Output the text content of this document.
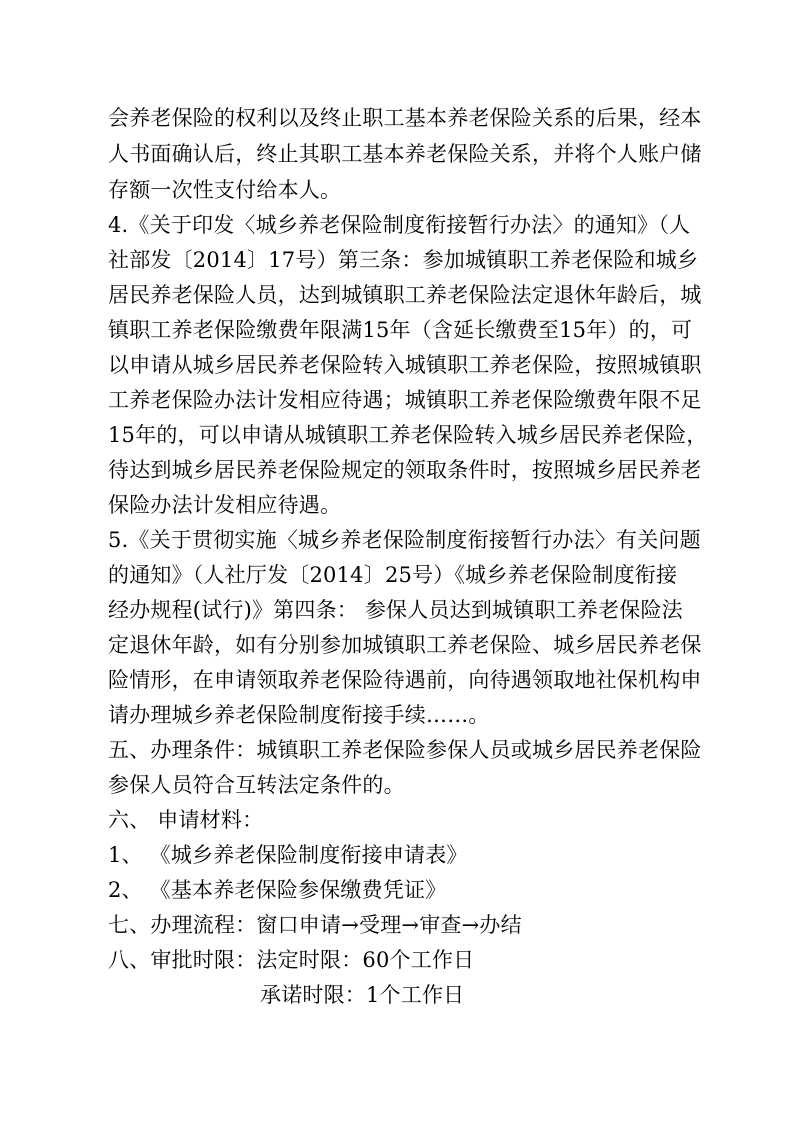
会养老保险的权利以及终止职工基本养老保险关系的后果，经本
人书面确认后，终止其职工基本养老保险关系，并将个人账户储
存额一次性支付给本人。
4.《关于印发〈城乡养老保险制度衔接暂行办法〉的通知》（人
社部发〔2014〕17号）第三条：参加城镇职工养老保险和城乡
居民养老保险人员，达到城镇职工养老保险法定退休年龄后，城
镇职工养老保险缴费年限满15年（含延长缴费至15年）的，可
以申请从城乡居民养老保险转入城镇职工养老保险，按照城镇职
工养老保险办法计发相应待遇；城镇职工养老保险缴费年限不足
15年的，可以申请从城镇职工养老保险转入城乡居民养老保险，
待达到城乡居民养老保险规定的领取条件时，按照城乡居民养老
保险办法计发相应待遇。
5.《关于贯彻实施〈城乡养老保险制度衔接暂行办法〉有关问题
的通知》（人社厅发〔2014〕25号）《城乡养老保险制度衔接
经办规程(试行)》第四条： 参保人员达到城镇职工养老保险法
定退休年龄，如有分别参加城镇职工养老保险、城乡居民养老保
险情形，在申请领取养老保险待遇前，向待遇领取地社保机构申
请办理城乡养老保险制度衔接手续……。
五、办理条件：城镇职工养老保险参保人员或城乡居民养老保险
参保人员符合互转法定条件的。
六、 申请材料：
1、 《城乡养老保险制度衔接申请表》
2、 《基本养老保险参保缴费凭证》
七、办理流程：窗口申请→受理→审查→办结
八、审批时限：法定时限：60个工作日
承诺时限：1个工作日
